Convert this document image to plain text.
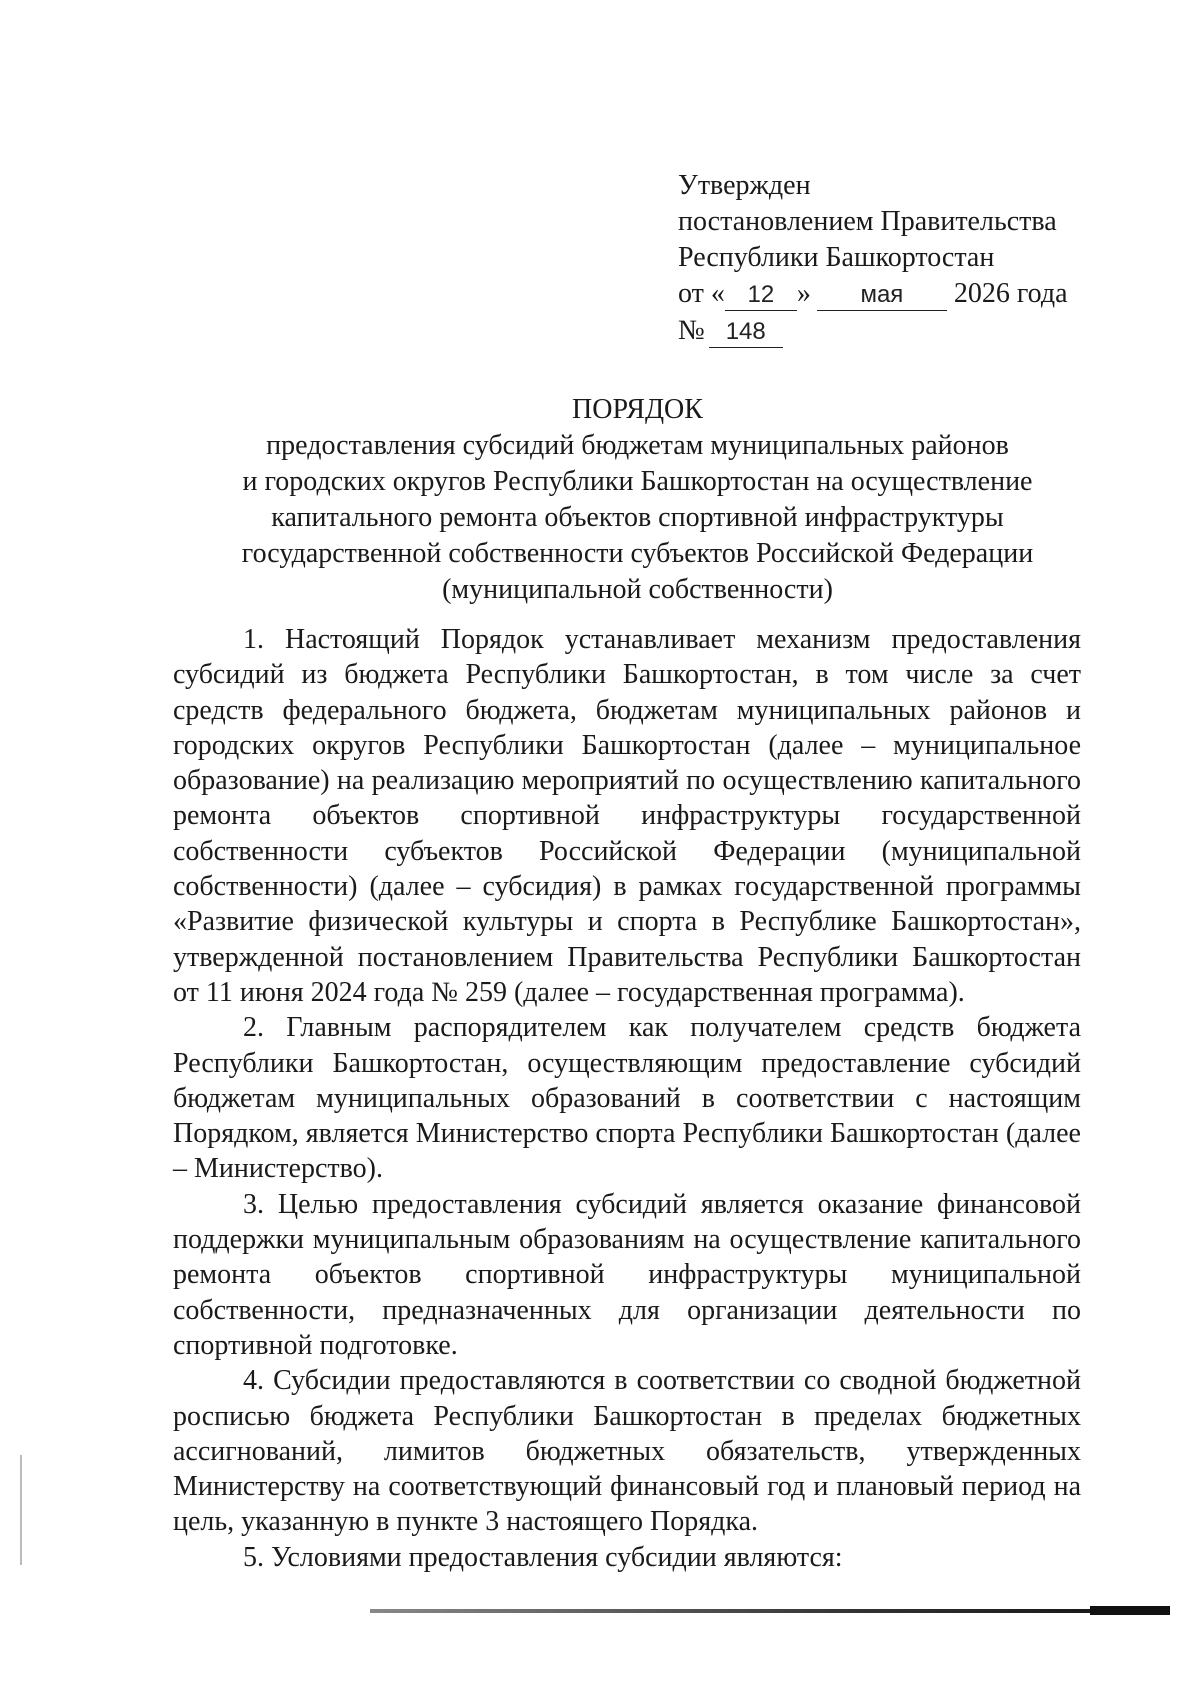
Утвержден
постановлением Правительства
Республики Башкортостан
от « 12 » мая 2026 года
№ 148
ПОРЯДОК
предоставления субсидий бюджетам муниципальных районов
и городских округов Республики Башкортостан на осуществление
капитального ремонта объектов спортивной инфраструктуры
государственной собственности субъектов Российской Федерации
(муниципальной собственности)

1. Настоящий Порядок устанавливает механизм предоставления субсидий из бюджета Республики Башкортостан, в том числе за счет средств федерального бюджета, бюджетам муниципальных районов и городских округов Республики Башкортостан (далее – муниципальное образование) на реализацию мероприятий по осуществлению капитального ремонта объектов спортивной инфраструктуры государственной собственности субъектов Российской Федерации (муниципальной собственности) (далее – субсидия) в рамках государственной программы «Развитие физической культуры и спорта в Республике Башкортостан», утвержденной постановлением Правительства Республики Башкортостан от 11 июня 2024 года № 259 (далее – государственная программа).

2. Главным распорядителем как получателем средств бюджета Республики Башкортостан, осуществляющим предоставление субсидий бюджетам муниципальных образований в соответствии с настоящим Порядком, является Министерство спорта Республики Башкортостан (далее – Министерство).

3. Целью предоставления субсидий является оказание финансовой поддержки муниципальным образованиям на осуществление капитального ремонта объектов спортивной инфраструктуры муниципальной собственности, предназначенных для организации деятельности по спортивной подготовке.

4. Субсидии предоставляются в соответствии со сводной бюджетной росписью бюджета Республики Башкортостан в пределах бюджетных ассигнований, лимитов бюджетных обязательств, утвержденных Министерству на соответствующий финансовый год и плановый период на цель, указанную в пункте 3 настоящего Порядка.

5. Условиями предоставления субсидии являются:
